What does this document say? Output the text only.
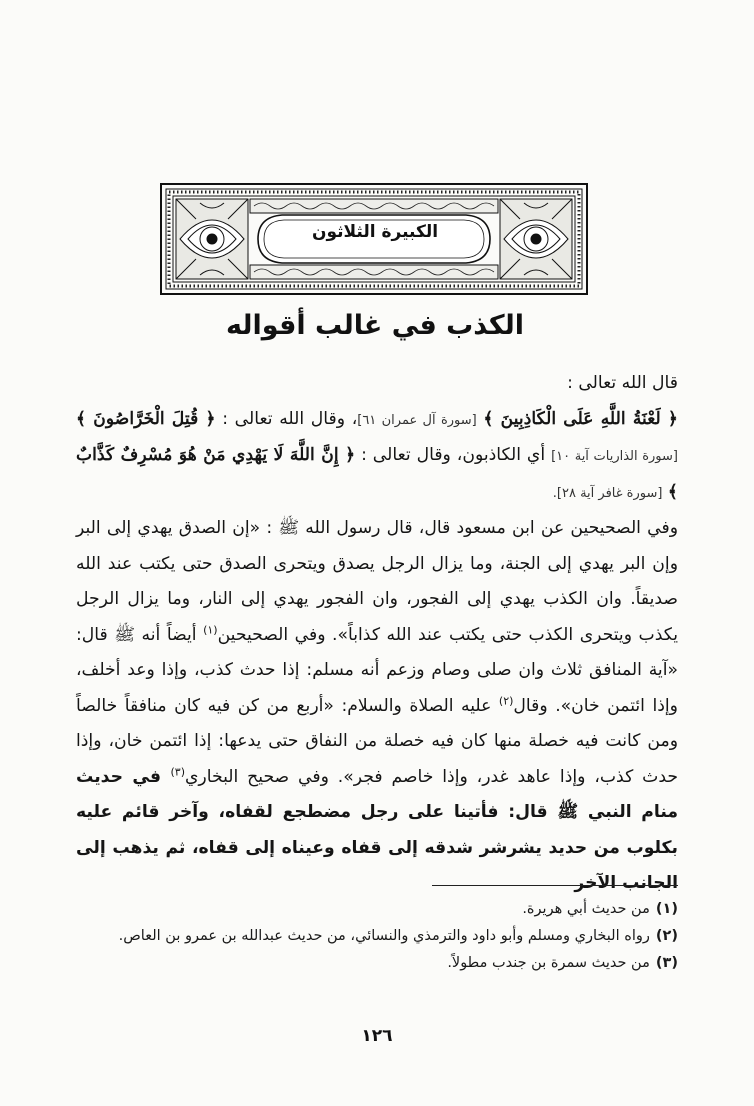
الكبيرة الثلاثون
الكذب في غالب أقواله

قال الله تعالى :

﴿ لَعْنَةُ اللَّهِ عَلَى الْكَاذِبِينَ ﴾ [سورة آل عمران ٦١]، وقال الله تعالى : ﴿ قُتِلَ الْخَرَّاصُونَ ﴾ [سورة الذاريات آية ١٠] أي الكاذبون، وقال تعالى : ﴿ إِنَّ اللَّهَ لَا يَهْدِي مَنْ هُوَ مُسْرِفٌ كَذَّابٌ ﴾ [سورة غافر آية ٢٨].

وفي الصحيحين عن ابن مسعود قال، قال رسول الله ﷺ : «إن الصدق يهدي إلى البر وإن البر يهدي إلى الجنة، وما يزال الرجل يصدق ويتحرى الصدق حتى يكتب عند الله صديقاً. وان الكذب يهدي إلى الفجور، وان الفجور يهدي إلى النار، وما يزال الرجل يكذب ويتحرى الكذب حتى يكتب عند الله كذاباً». وفي الصحيحين$^{(١)}$ أيضاً أنه ﷺ قال: «آية المنافق ثلاث وان صلى وصام وزعم أنه مسلم: إذا حدث كذب، وإذا وعد أخلف، وإذا ائتمن خان». وقال$^{(٢)}$ عليه الصلاة والسلام: «أربع من كن فيه كان منافقاً خالصاً ومن كانت فيه خصلة منها كان فيه خصلة من النفاق حتى يدعها: إذا ائتمن خان، وإذا حدث كذب، وإذا عاهد غدر، وإذا خاصم فجر». وفي صحيح البخاري$^{(٣)}$ في حديث منام النبي ﷺ قال: فأتينا على رجل مضطجع لقفاه، وآخر قائم عليه بكلوب من حديد يشرشر شدقه إلى قفاه وعيناه إلى قفاه، ثم يذهب إلى الجانب الآخر

(١)من حديث أبي هريرة.

(٢)رواه البخاري ومسلم وأبو داود والترمذي والنسائي، من حديث عبدالله بن عمرو بن العاص.

(٣)من حديث سمرة بن جندب مطولاً.

١٢٦
